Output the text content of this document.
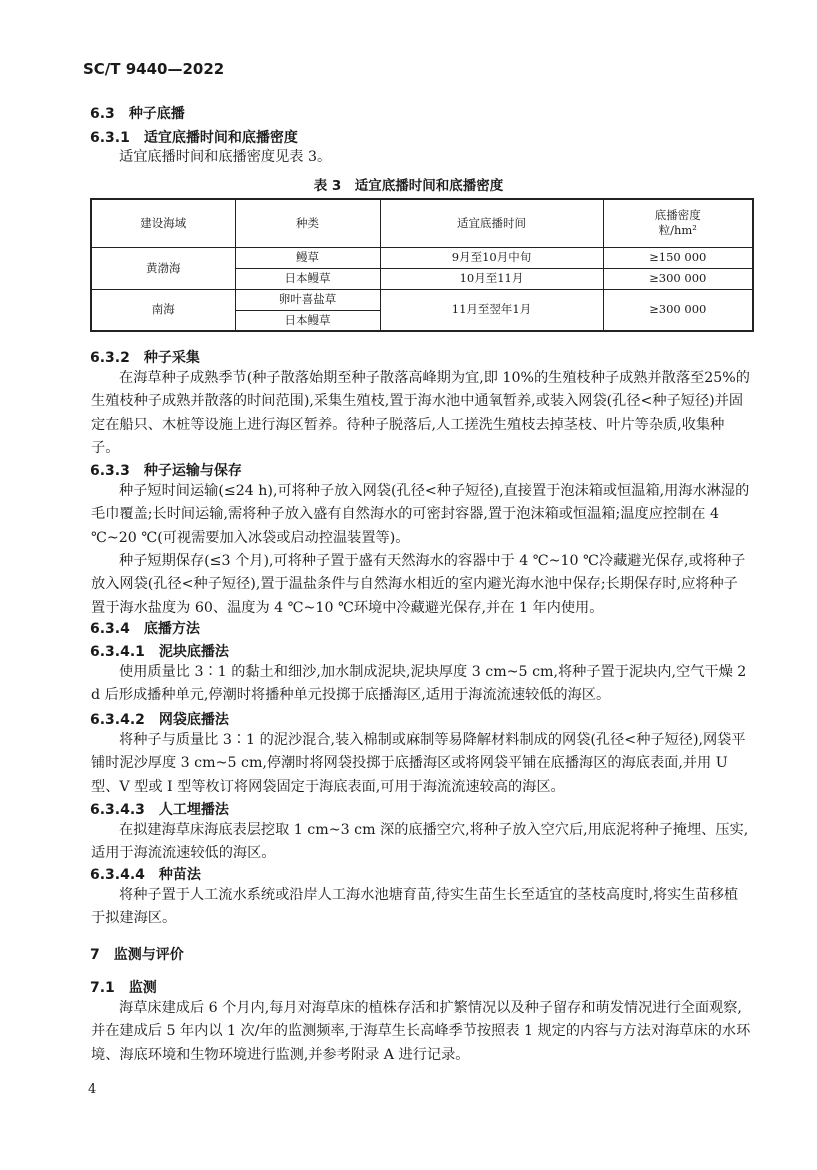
SC/T 9440—2022
6.3 种子底播
6.3.1 适宜底播时间和底播密度

适宜底播时间和底播密度见表 3。

表 3　适宜底播时间和底播密度
建设海域	种类	适宜底播时间	底播密度
粒/hm²
黄渤海	鳗草	9月至10月中旬	≥150 000
	日本鳗草	10月至11月	≥300 000
南海	卵叶喜盐草	11月至翌年1月	≥300 000
	日本鳗草		
6.3.2 种子采集

在海草种子成熟季节(种子散落始期至种子散落高峰期为宜,即 10%的生殖枝种子成熟并散落至25%的生殖枝种子成熟并散落的时间范围),采集生殖枝,置于海水池中通氧暂养,或装入网袋(孔径<种子短径)并固定在船只、木桩等设施上进行海区暂养。待种子脱落后,人工搓洗生殖枝去掉茎枝、叶片等杂质,收集种子。

6.3.3 种子运输与保存

种子短时间运输(≤24 h),可将种子放入网袋(孔径<种子短径),直接置于泡沫箱或恒温箱,用海水淋湿的毛巾覆盖;长时间运输,需将种子放入盛有自然海水的可密封容器,置于泡沫箱或恒温箱;温度应控制在 4 ℃~20 ℃(可视需要加入冰袋或启动控温装置等)。

种子短期保存(≤3 个月),可将种子置于盛有天然海水的容器中于 4 ℃~10 ℃冷藏避光保存,或将种子放入网袋(孔径<种子短径),置于温盐条件与自然海水相近的室内避光海水池中保存;长期保存时,应将种子置于海水盐度为 60、温度为 4 ℃~10 ℃环境中冷藏避光保存,并在 1 年内使用。

6.3.4 底播方法
6.3.4.1 泥块底播法

使用质量比 3∶1 的黏土和细沙,加水制成泥块,泥块厚度 3 cm~5 cm,将种子置于泥块内,空气干燥 2 d 后形成播种单元,停潮时将播种单元投掷于底播海区,适用于海流流速较低的海区。

6.3.4.2 网袋底播法

将种子与质量比 3∶1 的泥沙混合,装入棉制或麻制等易降解材料制成的网袋(孔径<种子短径),网袋平铺时泥沙厚度 3 cm~5 cm,停潮时将网袋投掷于底播海区或将网袋平铺在底播海区的海底表面,并用 U 型、V 型或 I 型等枚订将网袋固定于海底表面,可用于海流流速较高的海区。

6.3.4.3 人工埋播法

在拟建海草床海底表层挖取 1 cm~3 cm 深的底播空穴,将种子放入空穴后,用底泥将种子掩埋、压实,适用于海流流速较低的海区。

6.3.4.4 种苗法

将种子置于人工流水系统或沿岸人工海水池塘育苗,待实生苗生长至适宜的茎枝高度时,将实生苗移植于拟建海区。

7 监测与评价
7.1 监测

海草床建成后 6 个月内,每月对海草床的植株存活和扩繁情况以及种子留存和萌发情况进行全面观察,并在建成后 5 年内以 1 次/年的监测频率,于海草生长高峰季节按照表 1 规定的内容与方法对海草床的水环境、海底环境和生物环境进行监测,并参考附录 A 进行记录。

4
